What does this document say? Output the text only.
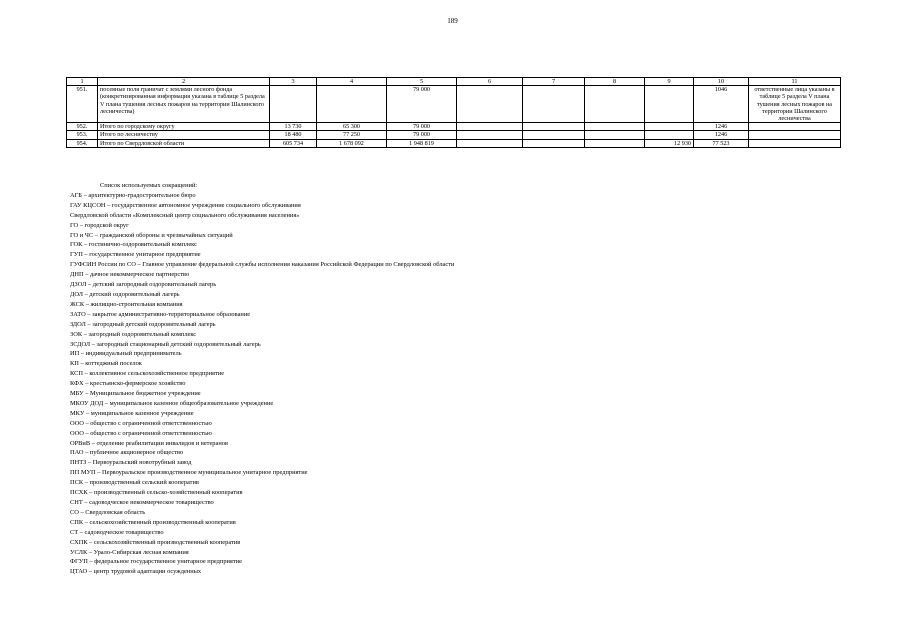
189
1	2	3	4	5	6	7	8	9	10	11
951.	посевные поля граничат с землями лесного фонда (конкретизированная информация указана в таблице 5 раздела V плана тушения лесных пожаров на территории Шалинского лесничества)			79 000					1046	ответственные лица указаны в таблице 5 раздела V плана тушения лесных пожаров на территории Шалинского лесничества
952.	Итого по городскому округу	13 730	65 300	79 000					1246	
953.	Итого по лесничеству	18 480	77 250	79 000					1246	
954.	Итого по Свердловской области	605 734	1 678 092	1 948 819				12 930	77 523	
Список используемых сокращений:
АГБ – архитектурно-градостроительное бюро
ГАУ КЦСОН – государственное автономное учреждение социального обслуживания
Свердловской области «Комплексный центр социального обслуживания населения»
ГО – городской округ
ГО и ЧС – гражданской обороны и чрезвычайных ситуаций
ГОК – гостинично-оздоровительный комплекс
ГУП – государственное унитарное предприятие
ГУФСИН России по СО – Главное управление федеральной службы исполнения наказания Российской Федерации по Свердловской области
ДНП – дачное некоммерческое партнерство
ДЗОЛ – детский загородный оздоровительный лагерь
ДОЛ – детский оздоровительный лагерь
ЖСК – жилищно-строительная компания
ЗАТО – закрытое административно-территориальное образование
ЗДОЛ – загородный детский оздоровительный лагерь
ЗОК – загородный оздоровительный комплекс
ЗСДОЛ – загородный стационарный детский оздоровительный лагерь
ИП – индивидуальный предприниматель
КП – коттеджный поселок
КСП – коллективное сельскохозяйственное предприятие
КФХ – крестьянско-фермерское хозяйство
МБУ – Муниципальное бюджетное учреждение
МКОУ ДОД – муниципальное казенное общеобразовательное учреждение
МКУ – муниципальное казенное учреждение
ООО – общество с ограниченной ответственностью
ООО – общество с ограниченной ответственностью
ОРВиВ – отделение реабилитации инвалидов и ветеранов
ПАО – публичное акционерное общество
ПНТЗ – Первоуральский новотрубный завод
ПП МУП – Первоуральское производственное муниципальное унитарное предприятие
ПСК – производственный сельский кооператив
ПСХК – производственный сельско-хозяйственный кооператив
СНТ – садоводческое некоммерческое товарищество
СО – Свердловская область
СПК – сельскохозяйственный производственный кооператив
СТ – садоводческое товарищество
СХПК – сельскохозяйственный производственный кооператив
УСЛК – Урало-Сибирская лесная компания
ФГУП – федеральное государственное унитарное предприятие
ЦТАО – центр трудовой адаптации осужденных
